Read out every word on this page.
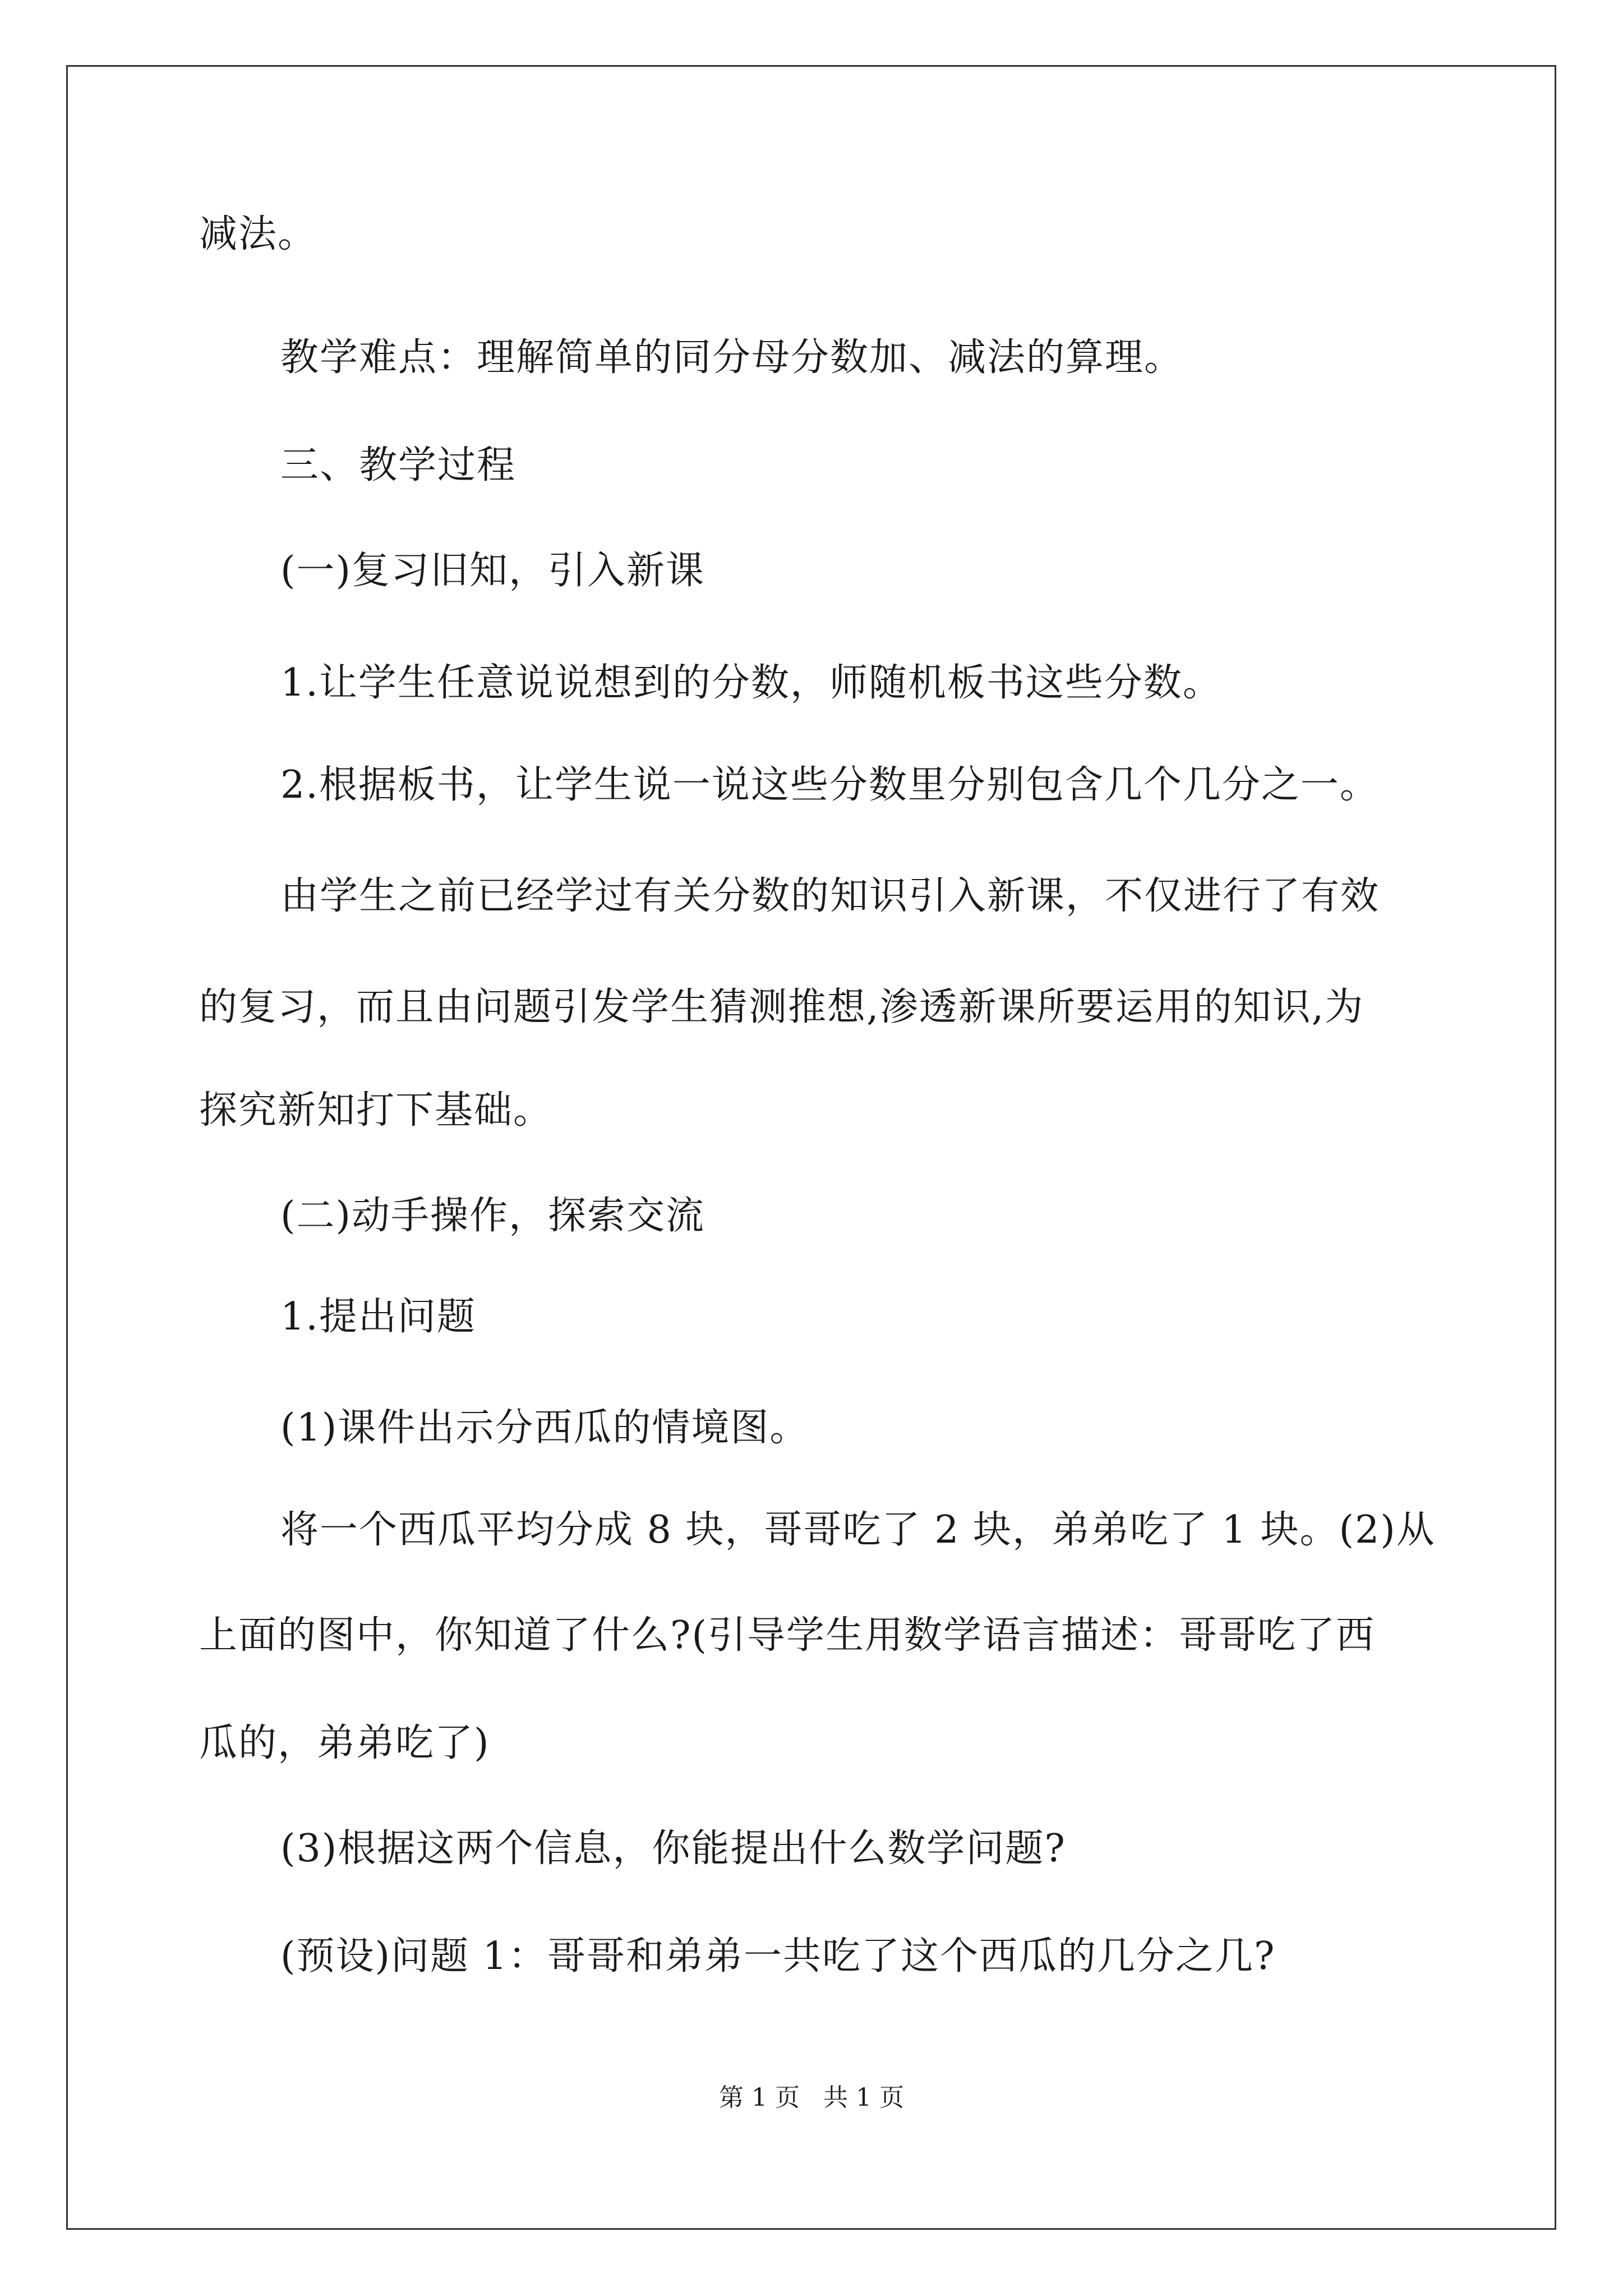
减法。

教学难点：理解简单的同分母分数加、减法的算理。

三、教学过程

(一)复习旧知，引入新课

1.让学生任意说说想到的分数，师随机板书这些分数。

2.根据板书，让学生说一说这些分数里分别包含几个几分之一。

由学生之前已经学过有关分数的知识引入新课，不仅进行了有效

的复习，而且由问题引发学生猜测推想,渗透新课所要运用的知识,为

探究新知打下基础。

(二)动手操作，探索交流

1.提出问题

(1)课件出示分西瓜的情境图。

将一个西瓜平均分成 8 块，哥哥吃了 2 块，弟弟吃了 1 块。(2)从

上面的图中，你知道了什么?(引导学生用数学语言描述：哥哥吃了西

瓜的，弟弟吃了)

(3)根据这两个信息，你能提出什么数学问题?

(预设)问题 1：哥哥和弟弟一共吃了这个西瓜的几分之几?

第 1 页   共 1 页
